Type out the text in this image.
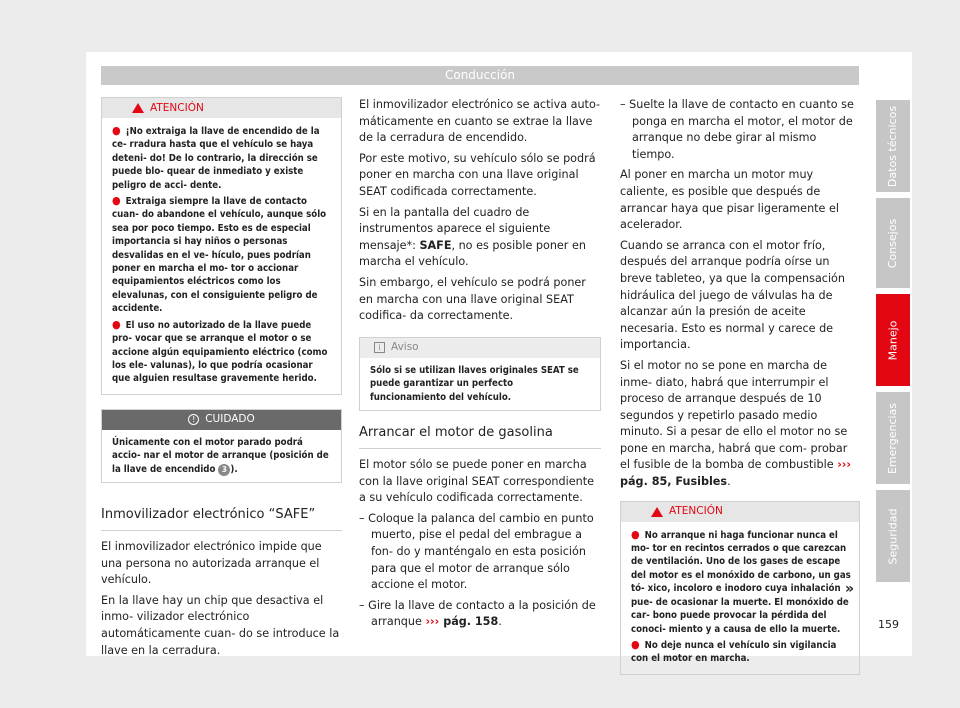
Conducción
ATENCIÓN
● ¡No extraiga la llave de encendido de la ce- rradura hasta que el vehículo se haya deteni- do! De lo contrario, la dirección se puede blo- quear de inmediato y existe peligro de acci- dente.
● Extraiga siempre la llave de contacto cuan- do abandone el vehículo, aunque sólo sea por poco tiempo. Esto es de especial importancia si hay niños o personas desvalidas en el ve- hículo, pues podrían poner en marcha el mo- tor o accionar equipamientos eléctricos como los elevalunas, con el consiguiente peligro de accidente.
● El uso no autorizado de la llave puede pro- vocar que se arranque el motor o se accione algún equipamiento eléctrico (como los ele- valunas), lo que podría ocasionar que alguien resultase gravemente herido.
! CUIDADO
Únicamente con el motor parado podrá accio- nar el motor de arranque (posición de la llave de encendido 3 ).
Inmovilizador electrónico “SAFE”

El inmovilizador electrónico impide que una persona no autorizada arranque el vehículo.

En la llave hay un chip que desactiva el inmo- vilizador electrónico automáticamente cuan- do se introduce la llave en la cerradura.

El inmovilizador electrónico se activa auto- máticamente en cuanto se extrae la llave de la cerradura de encendido.

Por este motivo, su vehículo sólo se podrá poner en marcha con una llave original SEAT codificada correctamente.

Si en la pantalla del cuadro de instrumentos aparece el siguiente mensaje*: SAFE, no es posible poner en marcha el vehículo.

Sin embargo, el vehículo se podrá poner en marcha con una llave original SEAT codifica- da correctamente.

i Aviso
Sólo si se utilizan llaves originales SEAT se puede garantizar un perfecto funcionamiento del vehículo.
Arrancar el motor de gasolina

El motor sólo se puede poner en marcha con la llave original SEAT correspondiente a su vehículo codificada correctamente.

– Coloque la palanca del cambio en punto muerto, pise el pedal del embrague a fon- do y manténgalo en esta posición para que el motor de arranque sólo accione el motor.

– Gire la llave de contacto a la posición de arranque ››› pág. 158.

– Suelte la llave de contacto en cuanto se ponga en marcha el motor, el motor de arranque no debe girar al mismo tiempo.

Al poner en marcha un motor muy caliente, es posible que después de arrancar haya que pisar ligeramente el acelerador.

Cuando se arranca con el motor frío, después del arranque podría oírse un breve tableteo, ya que la compensación hidráulica del juego de válvulas ha de alcanzar aún la presión de aceite necesaria. Esto es normal y carece de importancia.

Si el motor no se pone en marcha de inme- diato, habrá que interrumpir el proceso de arranque después de 10 segundos y repetirlo pasado medio minuto. Si a pesar de ello el motor no se pone en marcha, habrá que com- probar el fusible de la bomba de combustible ››› pág. 85, Fusibles.

ATENCIÓN
● No arranque ni haga funcionar nunca el mo- tor en recintos cerrados o que carezcan de ventilación. Uno de los gases de escape del motor es el monóxido de carbono, un gas tó- xico, incoloro e inodoro cuya inhalación pue- de ocasionar la muerte. El monóxido de car- bono puede provocar la pérdida del conoci- miento y a causa de ello la muerte.
● No deje nunca el vehículo sin vigilancia con el motor en marcha.
»
Datos técnicos
Consejos
Manejo
Emergencias
Seguridad
159
